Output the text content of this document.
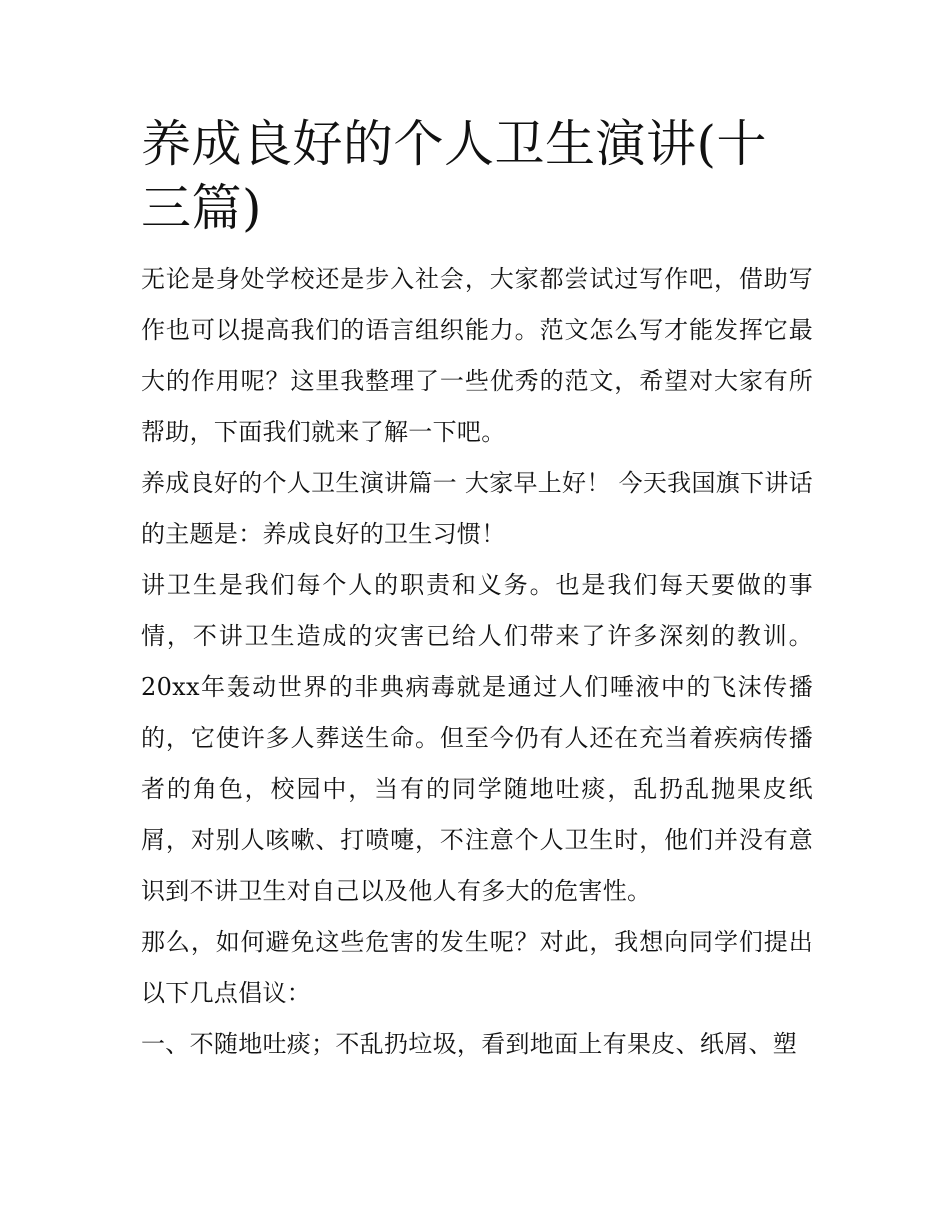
养成良好的个人卫生演讲(十三篇)

无论是身处学校还是步入社会，大家都尝试过写作吧，借助写作也可以提高我们的语言组织能力。范文怎么写才能发挥它最大的作用呢？这里我整理了一些优秀的范文，希望对大家有所帮助，下面我们就来了解一下吧。

养成良好的个人卫生演讲篇一 大家早上好！ 今天我国旗下讲话的主题是：养成良好的卫生习惯！

讲卫生是我们每个人的职责和义务。也是我们每天要做的事情，不讲卫生造成的灾害已给人们带来了许多深刻的教训。20xx年轰动世界的非典病毒就是通过人们唾液中的飞沫传播的，它使许多人葬送生命。但至今仍有人还在充当着疾病传播者的角色，校园中，当有的同学随地吐痰，乱扔乱抛果皮纸屑，对别人咳嗽、打喷嚏，不注意个人卫生时，他们并没有意识到不讲卫生对自己以及他人有多大的危害性。

那么，如何避免这些危害的发生呢？对此，我想向同学们提出以下几点倡议：

一、不随地吐痰；不乱扔垃圾，看到地面上有果皮、纸屑、塑
